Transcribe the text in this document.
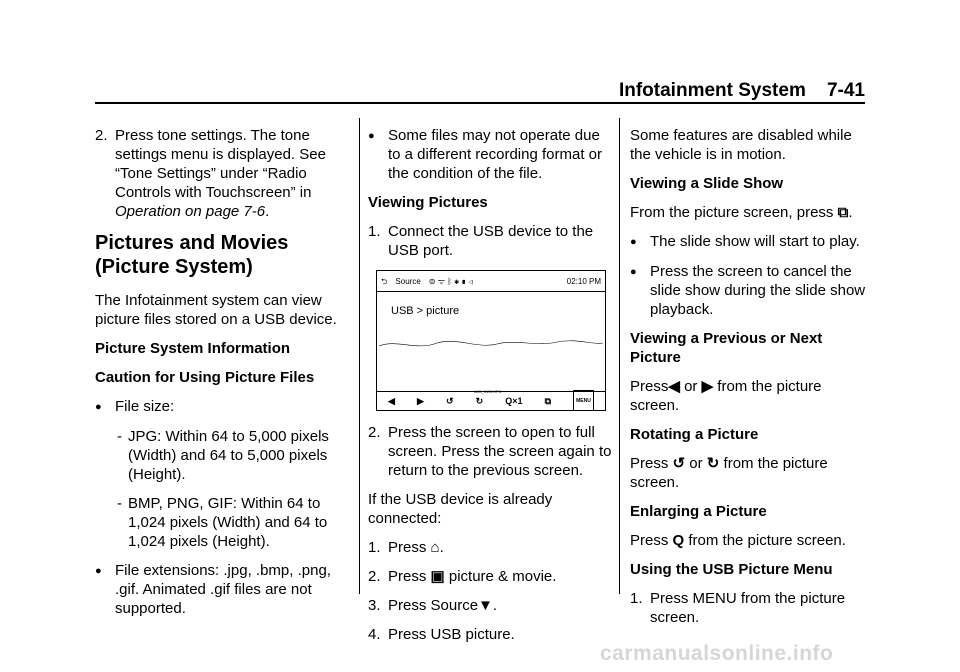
Infotainment System 7-41
2. Press tone settings. The tone settings menu is displayed. See “Tone Settings” under “Radio Controls with Touchscreen” in Operation on page 7-6.
Pictures and Movies (Picture System)
The Infotainment system can view picture files stored on a USB device.
Picture System Information
Caution for Using Picture Files
● File size:
- JPG: Within 64 to 5,000 pixels (Width) and 64 to 5,000 pixels (Height).
- BMP, PNG, GIF: Within 64 to 1,024 pixels (Width) and 64 to 1,024 pixels (Height).
● File extensions: .jpg, .bmp, .png, .gif. Animated .gif files are not supported.
● Some files may not operate due to a different recording format or the condition of the file.
Viewing Pictures
1. Connect the USB device to the USB port.
⮌ Source ⊜ ᯤ ᛒ ✱ ▮ ◁	02:10 PM
USB > picture
IMG_0131.JPG
◀ ▶ ↺ ↻ Q×1 ⧉	MENU
2. Press the screen to open to full screen. Press the screen again to return to the previous screen.
If the USB device is already connected:
1. Press ⌂.
2. Press ▣ picture & movie.
3. Press Source▼.
4. Press USB picture.
Some features are disabled while the vehicle is in motion.
Viewing a Slide Show
From the picture screen, press ⧉.
● The slide show will start to play.
● Press the screen to cancel the slide show during the slide show playback.
Viewing a Previous or Next Picture
Press◀ or ▶ from the picture screen.
Rotating a Picture
Press ↺ or ↻ from the picture screen.
Enlarging a Picture
Press Q from the picture screen.
Using the USB Picture Menu
1. Press MENU from the picture screen.
carmanualsonline.info
